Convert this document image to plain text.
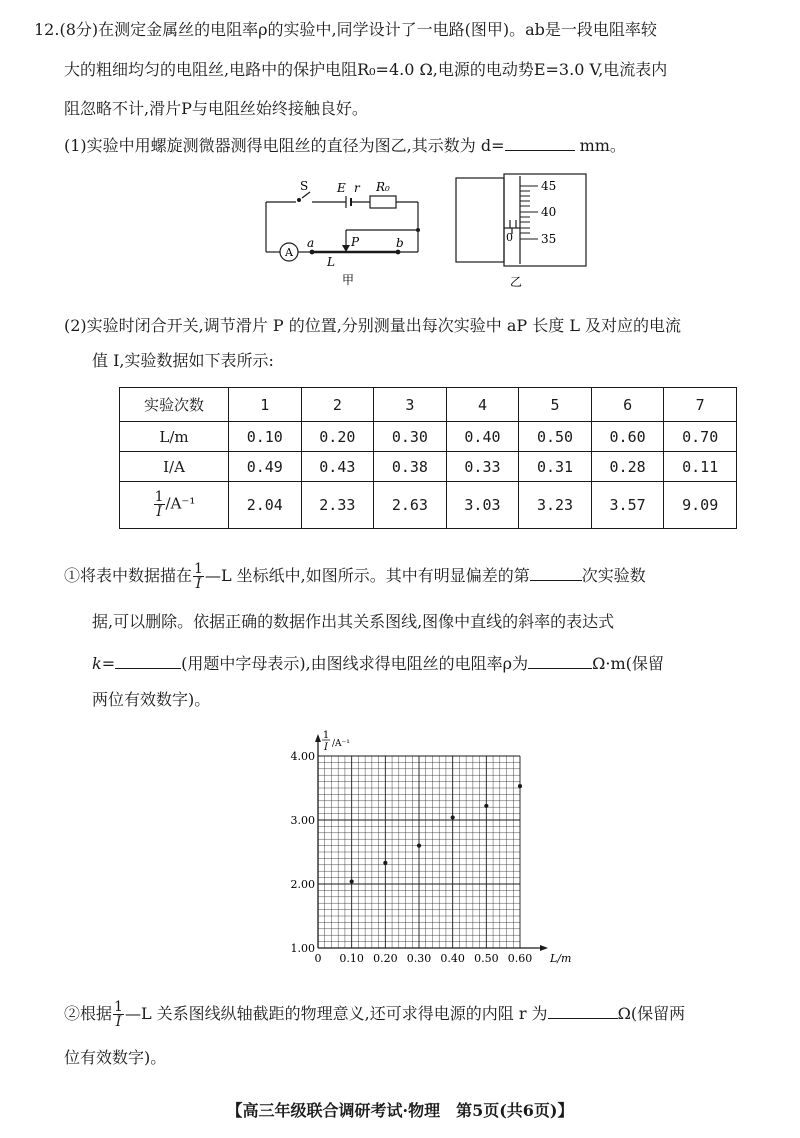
12.(8分)在测定金属丝的电阻率ρ的实验中,同学设计了一电路(图甲)。ab是一段电阻率较
大的粗细均匀的电阻丝,电路中的保护电阻R₀=4.0 Ω,电源的电动势E=3.0 V,电流表内
阻忽略不计,滑片P与电阻丝始终接触良好。
(1)实验中用螺旋测微器测得电阻丝的直径为图乙,其示数为 d=	mm。
S E r R₀
A
a	b
P
L
甲
45
40
35
0
乙
(2)实验时闭合开关,调节滑片 P 的位置,分别测量出每次实验中 aP 长度 L 及对应的电流
值 I,实验数据如下表所示:
实验次数	1	2	3	4	5	6	7
L/m	0.10	0.20	0.30	0.40	0.50	0.60	0.70
I/A	0.49	0.43	0.38	0.33	0.31	0.28	0.11

$\frac{1}{I} /A^{-1}$	2.04	2.33	2.63	3.03	3.23	3.57	9.09
①将表中数据描在 $\frac{1}{I}$ —L 坐标纸中,如图所示。其中有明显偏差的第	次实验数
据,可以删除。依据正确的数据作出其关系图线,图像中直线的斜率的表达式
k=	(用题中字母表示),由图线求得电阻丝的电阻率ρ为	Ω·m(保留
两位有效数字)。
0 0.10 0.20 0.30 0.40 0.50 0.60 L/m
1.00
2.00
3.00
4.00
1
I /A⁻¹
②根据 $\frac{1}{I}$ —L 关系图线纵轴截距的物理意义,还可求得电源的内阻 r 为	Ω(保留两
位有效数字)。
【高三年级联合调研考试·物理　第5页(共6页)】
